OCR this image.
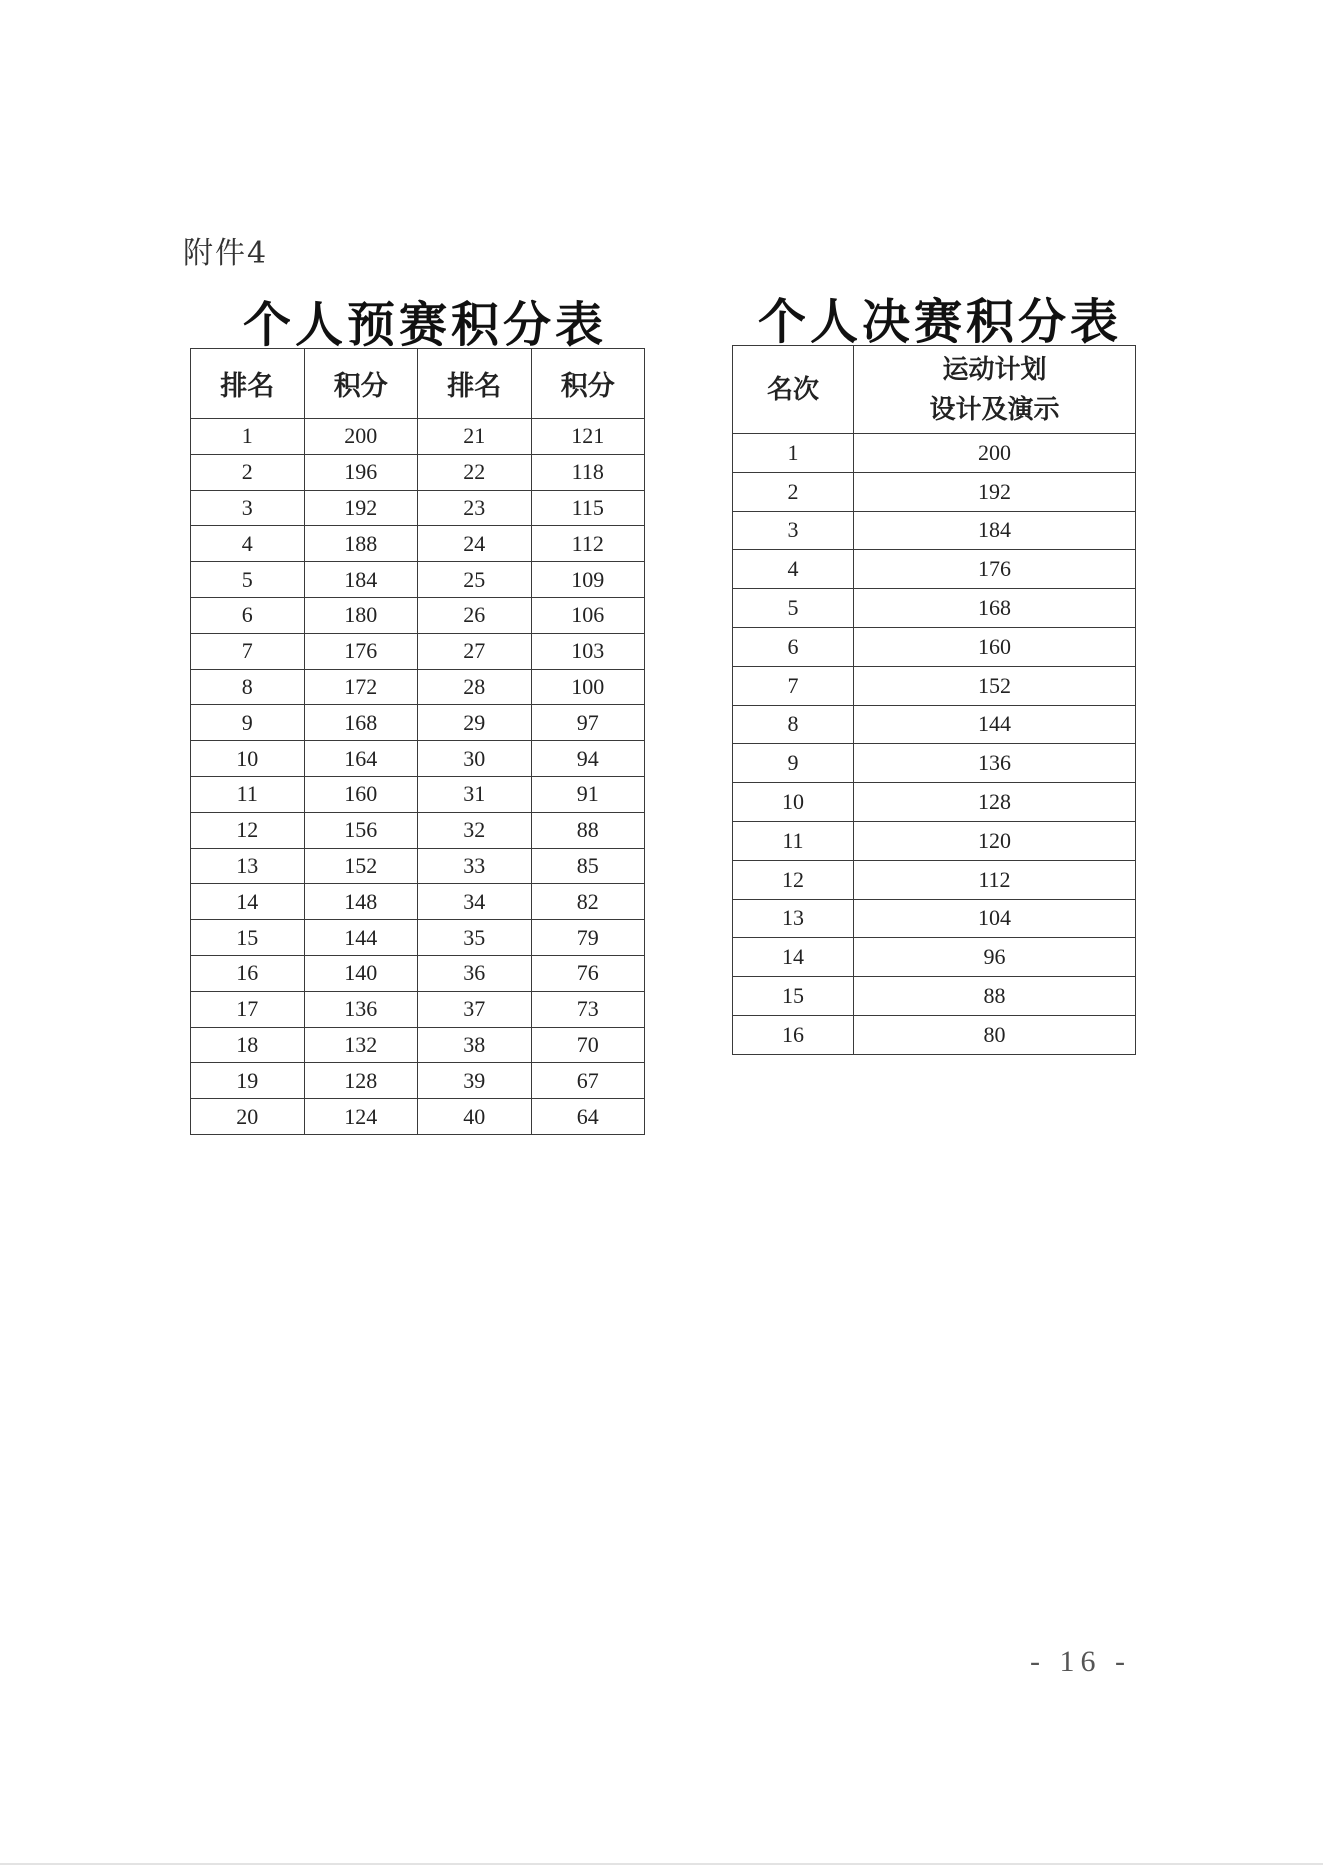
附件4
个人预赛积分表	个人决赛积分表
排名	积分	排名	积分
1	200	21	121
2	196	22	118
3	192	23	115
4	188	24	112
5	184	25	109
6	180	26	106
7	176	27	103
8	172	28	100
9	168	29	97
10	164	30	94
11	160	31	91
12	156	32	88
13	152	33	85
14	148	34	82
15	144	35	79
16	140	36	76
17	136	37	73
18	132	38	70
19	128	39	67
20	124	40	64
名次	运动计划
设计及演示

1	200
2	192
3	184
4	176
5	168
6	160
7	152
8	144
9	136
10	128
11	120
12	112
13	104
14	96
15	88
16	80
- 16 -
